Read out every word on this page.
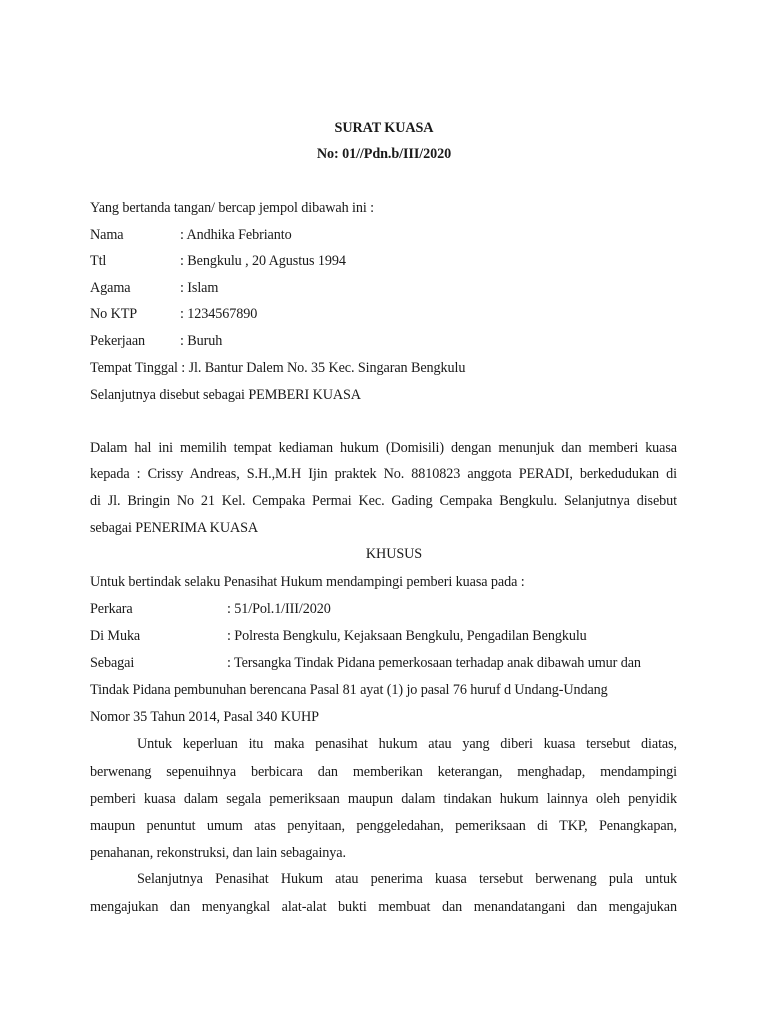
SURAT KUASA
No: 01//Pdn.b/III/2020
Yang bertanda tangan/ bercap jempol dibawah ini :
Nama	: Andhika Febrianto
Ttl	: Bengkulu , 20 Agustus 1994
Agama	: Islam
No KTP	: 1234567890
Pekerjaan : Buruh
Tempat Tinggal : Jl. Bantur Dalem No. 35 Kec. Singaran Bengkulu
Selanjutnya disebut sebagai PEMBERI KUASA
Dalam hal ini memilih tempat kediaman hukum (Domisili) dengan menunjuk dan memberi kuasa
kepada : Crissy Andreas, S.H.,M.H Ijin praktek No. 8810823 anggota PERADI, berkedudukan di
di Jl. Bringin No 21 Kel. Cempaka Permai Kec. Gading Cempaka Bengkulu. Selanjutnya disebut
sebagai PENERIMA KUASA
KHUSUS
Untuk bertindak selaku Penasihat Hukum mendampingi pemberi kuasa pada :
Perkara	: 51/Pol.1/III/2020
Di Muka	: Polresta Bengkulu, Kejaksaan Bengkulu, Pengadilan Bengkulu
Sebagai	: Tersangka Tindak Pidana pemerkosaan terhadap anak dibawah umur dan
Tindak Pidana pembunuhan berencana Pasal 81 ayat (1) jo pasal 76 huruf d Undang-Undang
Nomor 35 Tahun 2014, Pasal 340 KUHP
Untuk keperluan itu maka penasihat hukum atau yang diberi kuasa tersebut diatas,
berwenang sepenuihnya berbicara dan memberikan keterangan, menghadap, mendampingi
pemberi kuasa dalam segala pemeriksaan maupun dalam tindakan hukum lainnya oleh penyidik
maupun penuntut umum atas penyitaan, penggeledahan, pemeriksaan di TKP, Penangkapan,
penahanan, rekonstruksi, dan lain sebagainya.
Selanjutnya Penasihat Hukum atau penerima kuasa tersebut berwenang pula untuk
mengajukan dan menyangkal alat-alat bukti membuat dan menandatangani dan mengajukan
